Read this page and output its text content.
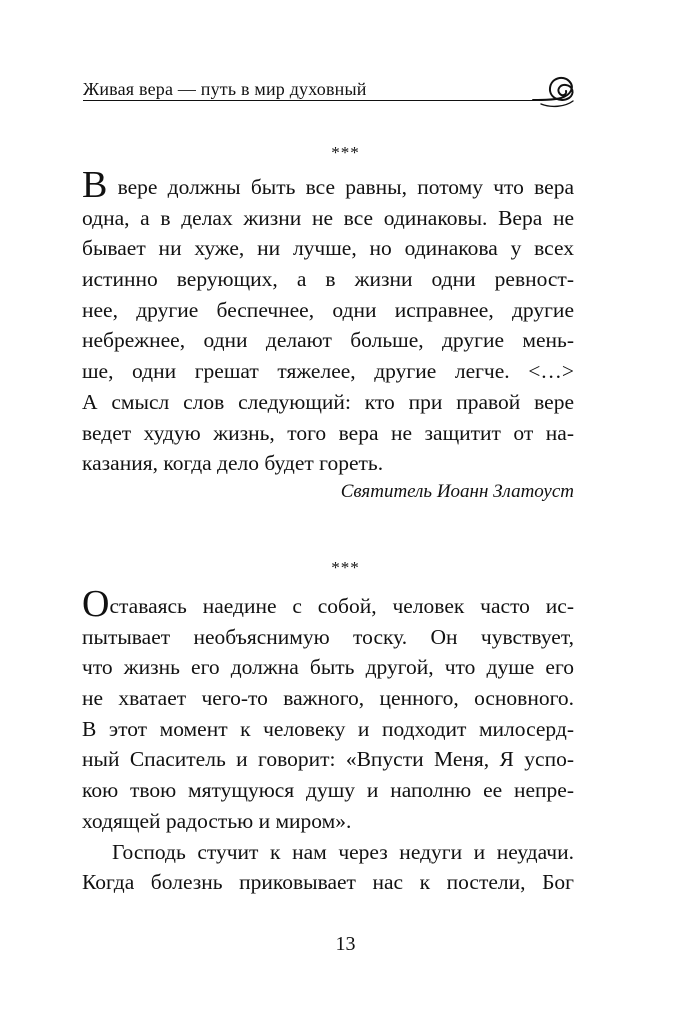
Живая вера — путь в мир духовный
***
В вере должны быть все равны, потому что вера
одна, а в делах жизни не все одинаковы. Вера не
бывает ни хуже, ни лучше, но одинакова у всех
истинно верующих, а в жизни одни ревност-
нее, другие беспечнее, одни исправнее, другие
небрежнее, одни делают больше, другие мень-
ше, одни грешат тяжелее, другие легче. <…>
А смысл слов следующий: кто при правой вере
ведет худую жизнь, того вера не защитит от на-
казания, когда дело будет гореть.
Святитель Иоанн Златоуст
***
Оставаясь наедине с собой, человек часто ис-
пытывает необъяснимую тоску. Он чувствует,
что жизнь его должна быть другой, что душе его
не хватает чего-то важного, ценного, основного.
В этот момент к человеку и подходит милосерд-
ный Спаситель и говорит: «Впусти Меня, Я успо-
кою твою мятущуюся душу и наполню ее непре-
ходящей радостью и миром».
Господь стучит к нам через недуги и неудачи.
Когда болезнь приковывает нас к постели, Бог
13
